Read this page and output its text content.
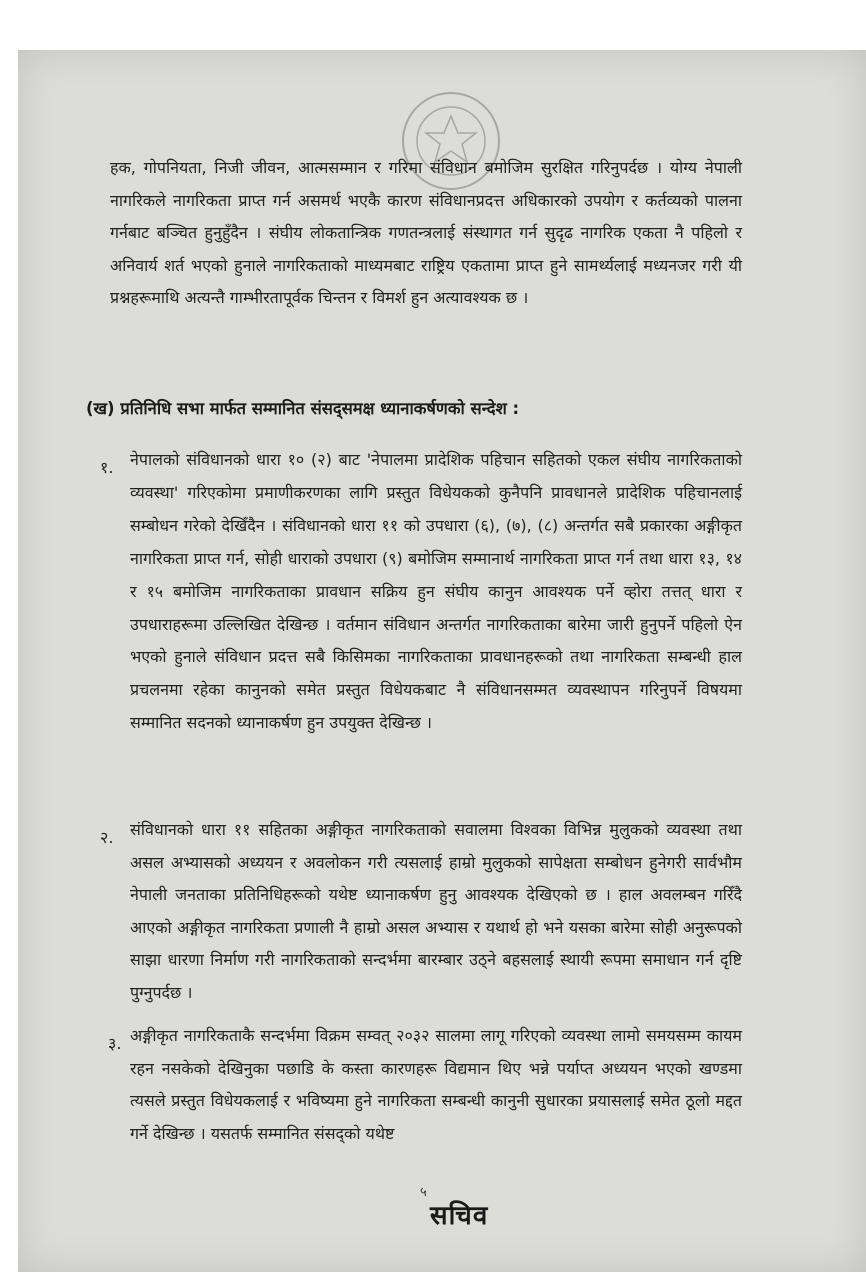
हक, गोपनियता, निजी जीवन, आत्मसम्मान र गरिमा संविधान बमोजिम सुरक्षित गरिनुपर्दछ । योग्य नेपाली नागरिकले नागरिकता प्राप्त गर्न असमर्थ भएकै कारण संविधानप्रदत्त अधिकारको उपयोग र कर्तव्यको पालना गर्नबाट बञ्चित हुनुहुँदैन । संघीय लोकतान्त्रिक गणतन्त्रलाई संस्थागत गर्न सुदृढ नागरिक एकता नै पहिलो र अनिवार्य शर्त भएको हुनाले नागरिकताको माध्यमबाट राष्ट्रिय एकतामा प्राप्त हुने सामर्थ्यलाई मध्यनजर गरी यी प्रश्नहरूमाथि अत्यन्तै गाम्भीरतापूर्वक चिन्तन र विमर्श हुन अत्यावश्यक छ ।

(ख) प्रतिनिधि सभा मार्फत सम्मानित संसद्समक्ष ध्यानाकर्षणको सन्देश :

१. नेपालको संविधानको धारा १० (२) बाट 'नेपालमा प्रादेशिक पहिचान सहितको एकल संघीय नागरिकताको व्यवस्था' गरिएकोमा प्रमाणीकरणका लागि प्रस्तुत विधेयकको कुनैपनि प्रावधानले प्रादेशिक पहिचानलाई सम्बोधन गरेको देखिँदैन । संविधानको धारा ११ को उपधारा (६), (७), (८) अन्तर्गत सबै प्रकारका अङ्गीकृत नागरिकता प्राप्त गर्न, सोही धाराको उपधारा (९) बमोजिम सम्मानार्थ नागरिकता प्राप्त गर्न तथा धारा १३, १४ र १५ बमोजिम नागरिकताका प्रावधान सक्रिय हुन संघीय कानुन आवश्यक पर्ने व्होरा तत्तत् धारा र उपधाराहरूमा उल्लिखित देखिन्छ । वर्तमान संविधान अन्तर्गत नागरिकताका बारेमा जारी हुनुपर्ने पहिलो ऐन भएको हुनाले संविधान प्रदत्त सबै किसिमका नागरिकताका प्रावधानहरूको तथा नागरिकता सम्बन्धी हाल प्रचलनमा रहेका कानुनको समेत प्रस्तुत विधेयकबाट नै संविधानसम्मत व्यवस्थापन गरिनुपर्ने विषयमा सम्मानित सदनको ध्यानाकर्षण हुन उपयुक्त देखिन्छ ।

२. संविधानको धारा ११ सहितका अङ्गीकृत नागरिकताको सवालमा विश्वका विभिन्न मुलुकको व्यवस्था तथा असल अभ्यासको अध्ययन र अवलोकन गरी त्यसलाई हाम्रो मुलुकको सापेक्षता सम्बोधन हुनेगरी सार्वभौम नेपाली जनताका प्रतिनिधिहरूको यथेष्ट ध्यानाकर्षण हुनु आवश्यक देखिएको छ । हाल अवलम्बन गरिँदै आएको अङ्गीकृत नागरिकता प्रणाली नै हाम्रो असल अभ्यास र यथार्थ हो भने यसका बारेमा सोही अनुरूपको साझा धारणा निर्माण गरी नागरिकताको सन्दर्भमा बारम्बार उठ्ने बहसलाई स्थायी रूपमा समाधान गर्न दृष्टि पुग्नुपर्दछ ।

३. अङ्गीकृत नागरिकताकै सन्दर्भमा विक्रम सम्वत् २०३२ सालमा लागू गरिएको व्यवस्था लामो समयसम्म कायम रहन नसकेको देखिनुका पछाडि के कस्ता कारणहरू विद्यमान थिए भन्ने पर्याप्त अध्ययन भएको खण्डमा त्यसले प्रस्तुत विधेयकलाई र भविष्यमा हुने नागरिकता सम्बन्धी कानुनी सुधारका प्रयासलाई समेत ठूलो मद्दत गर्ने देखिन्छ । यसतर्फ सम्मानित संसद्को यथेष्ट

५
सचिव
